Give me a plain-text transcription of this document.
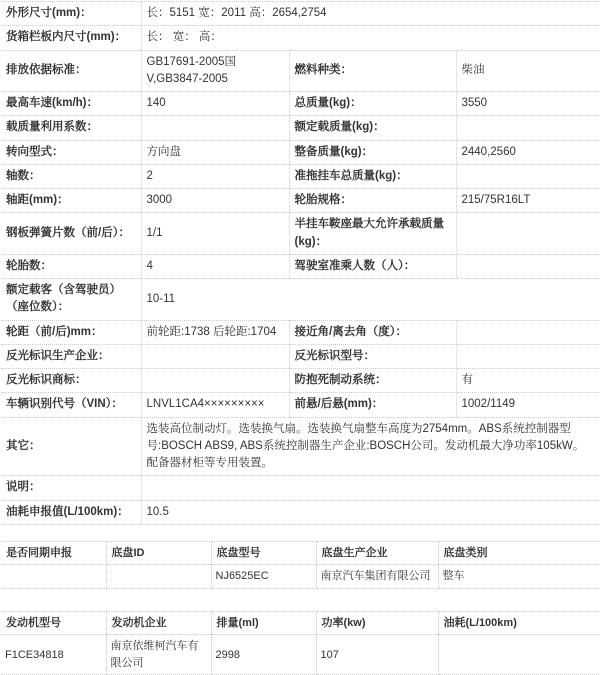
外形尺寸(mm)：	长：5151 宽：2011 高：2654,2754		
货箱栏板内尺寸(mm)：	长： 宽： 高：		
排放依据标准：	GB17691-2005国V,GB3847-2005	燃料种类：	柴油
最高车速(km/h)：	140	总质量(kg)：	3550
载质量利用系数：		额定载质量(kg)：	
转向型式：	方向盘	整备质量(kg)：	2440,2560
轴数：	2	准拖挂车总质量(kg)：	
轴距(mm)：	3000	轮胎规格：	215/75R16LT
钢板弹簧片数（前/后）：	1/1	半挂车鞍座最大允许承载质量(kg)：	
轮胎数：	4	驾驶室准乘人数（人）：	
额定载客（含驾驶员）（座位数）：	10-11		
轮距（前/后)mm：	前轮距:1738 后轮距:1704	接近角/离去角（度）：	
反光标识生产企业：		反光标识型号：	
反光标识商标：		防抱死制动系统：	有
车辆识别代号（VIN）：	LNVL1CA4×××××××××	前悬/后悬(mm)：	1002/1149
其它：	选装高位制动灯。选装换气扇。选装换气扇整车高度为2754mm。ABS系统控制器型号:BOSCH ABS9, ABS系统控制器生产企业:BOSCH公司。发动机最大净功率105kW。配备器材柜等专用装置。		
说明：			
油耗申报值(L/100km)：	10.5		
是否同期申报	底盘ID	底盘型号	底盘生产企业	底盘类别
		NJ6525EC	南京汽车集团有限公司	整车
发动机型号	发动机企业	排量(ml)	功率(kw)	油耗(L/100km)
F1CE34818	南京依维柯汽车有限公司	2998	107	
